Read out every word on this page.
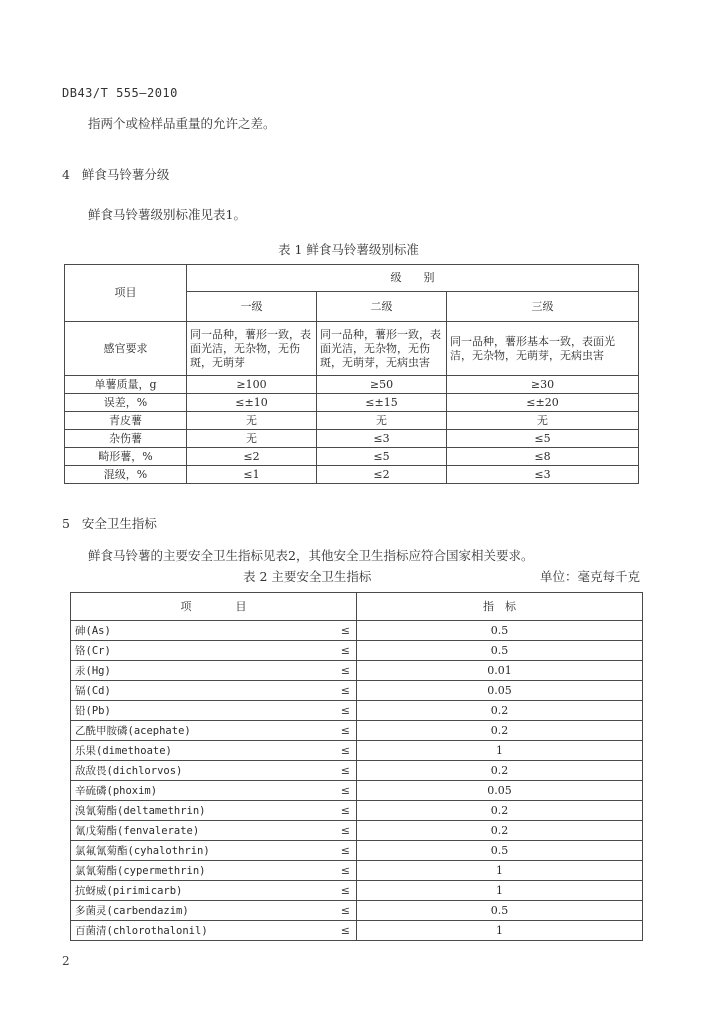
DB43/T 555—2010
指两个或检样品重量的允许之差。
4 鲜食马铃薯分级
鲜食马铃薯级别标准见表1。
表 1 鲜食马铃薯级别标准
项目	级　　别		
	一级	二级	三级
感官要求	同一品种，薯形一致，表面光洁，无杂物，无伤斑，无萌芽	同一品种，薯形一致，表面光洁，无杂物，无伤斑，无萌芽，无病虫害	同一品种，薯形基本一致，表面光洁，无杂物，无萌芽，无病虫害
单薯质量，g	≥100	≥50	≥30
误差，%	≤±10	≤±15	≤±20
青皮薯	无	无	无
杂伤薯	无	≤3	≤5
畸形薯，%	≤2	≤5	≤8
混级，%	≤1	≤2	≤3
5 安全卫生指标
鲜食马铃薯的主要安全卫生指标见表2，其他安全卫生指标应符合国家相关要求。
表 2 主要安全卫生指标	单位：毫克每千克
项　　　　目		指　标
砷(As)	≤	0.5
铬(Cr)	≤	0.5
汞(Hg)	≤	0.01
镉(Cd)	≤	0.05
铅(Pb)	≤	0.2
乙酰甲胺磷(acephate)	≤	0.2
乐果(dimethoate)	≤	1
敌敌畏(dichlorvos)	≤	0.2
辛硫磷(phoxim)	≤	0.05
溴氰菊酯(deltamethrin)	≤	0.2
氰戊菊酯(fenvalerate)	≤	0.2
氯氟氰菊酯(cyhalothrin)	≤	0.5
氯氰菊酯(cypermethrin)	≤	1
抗蚜威(pirimicarb)	≤	1
多菌灵(carbendazim)	≤	0.5
百菌清(chlorothalonil)	≤	1
2
